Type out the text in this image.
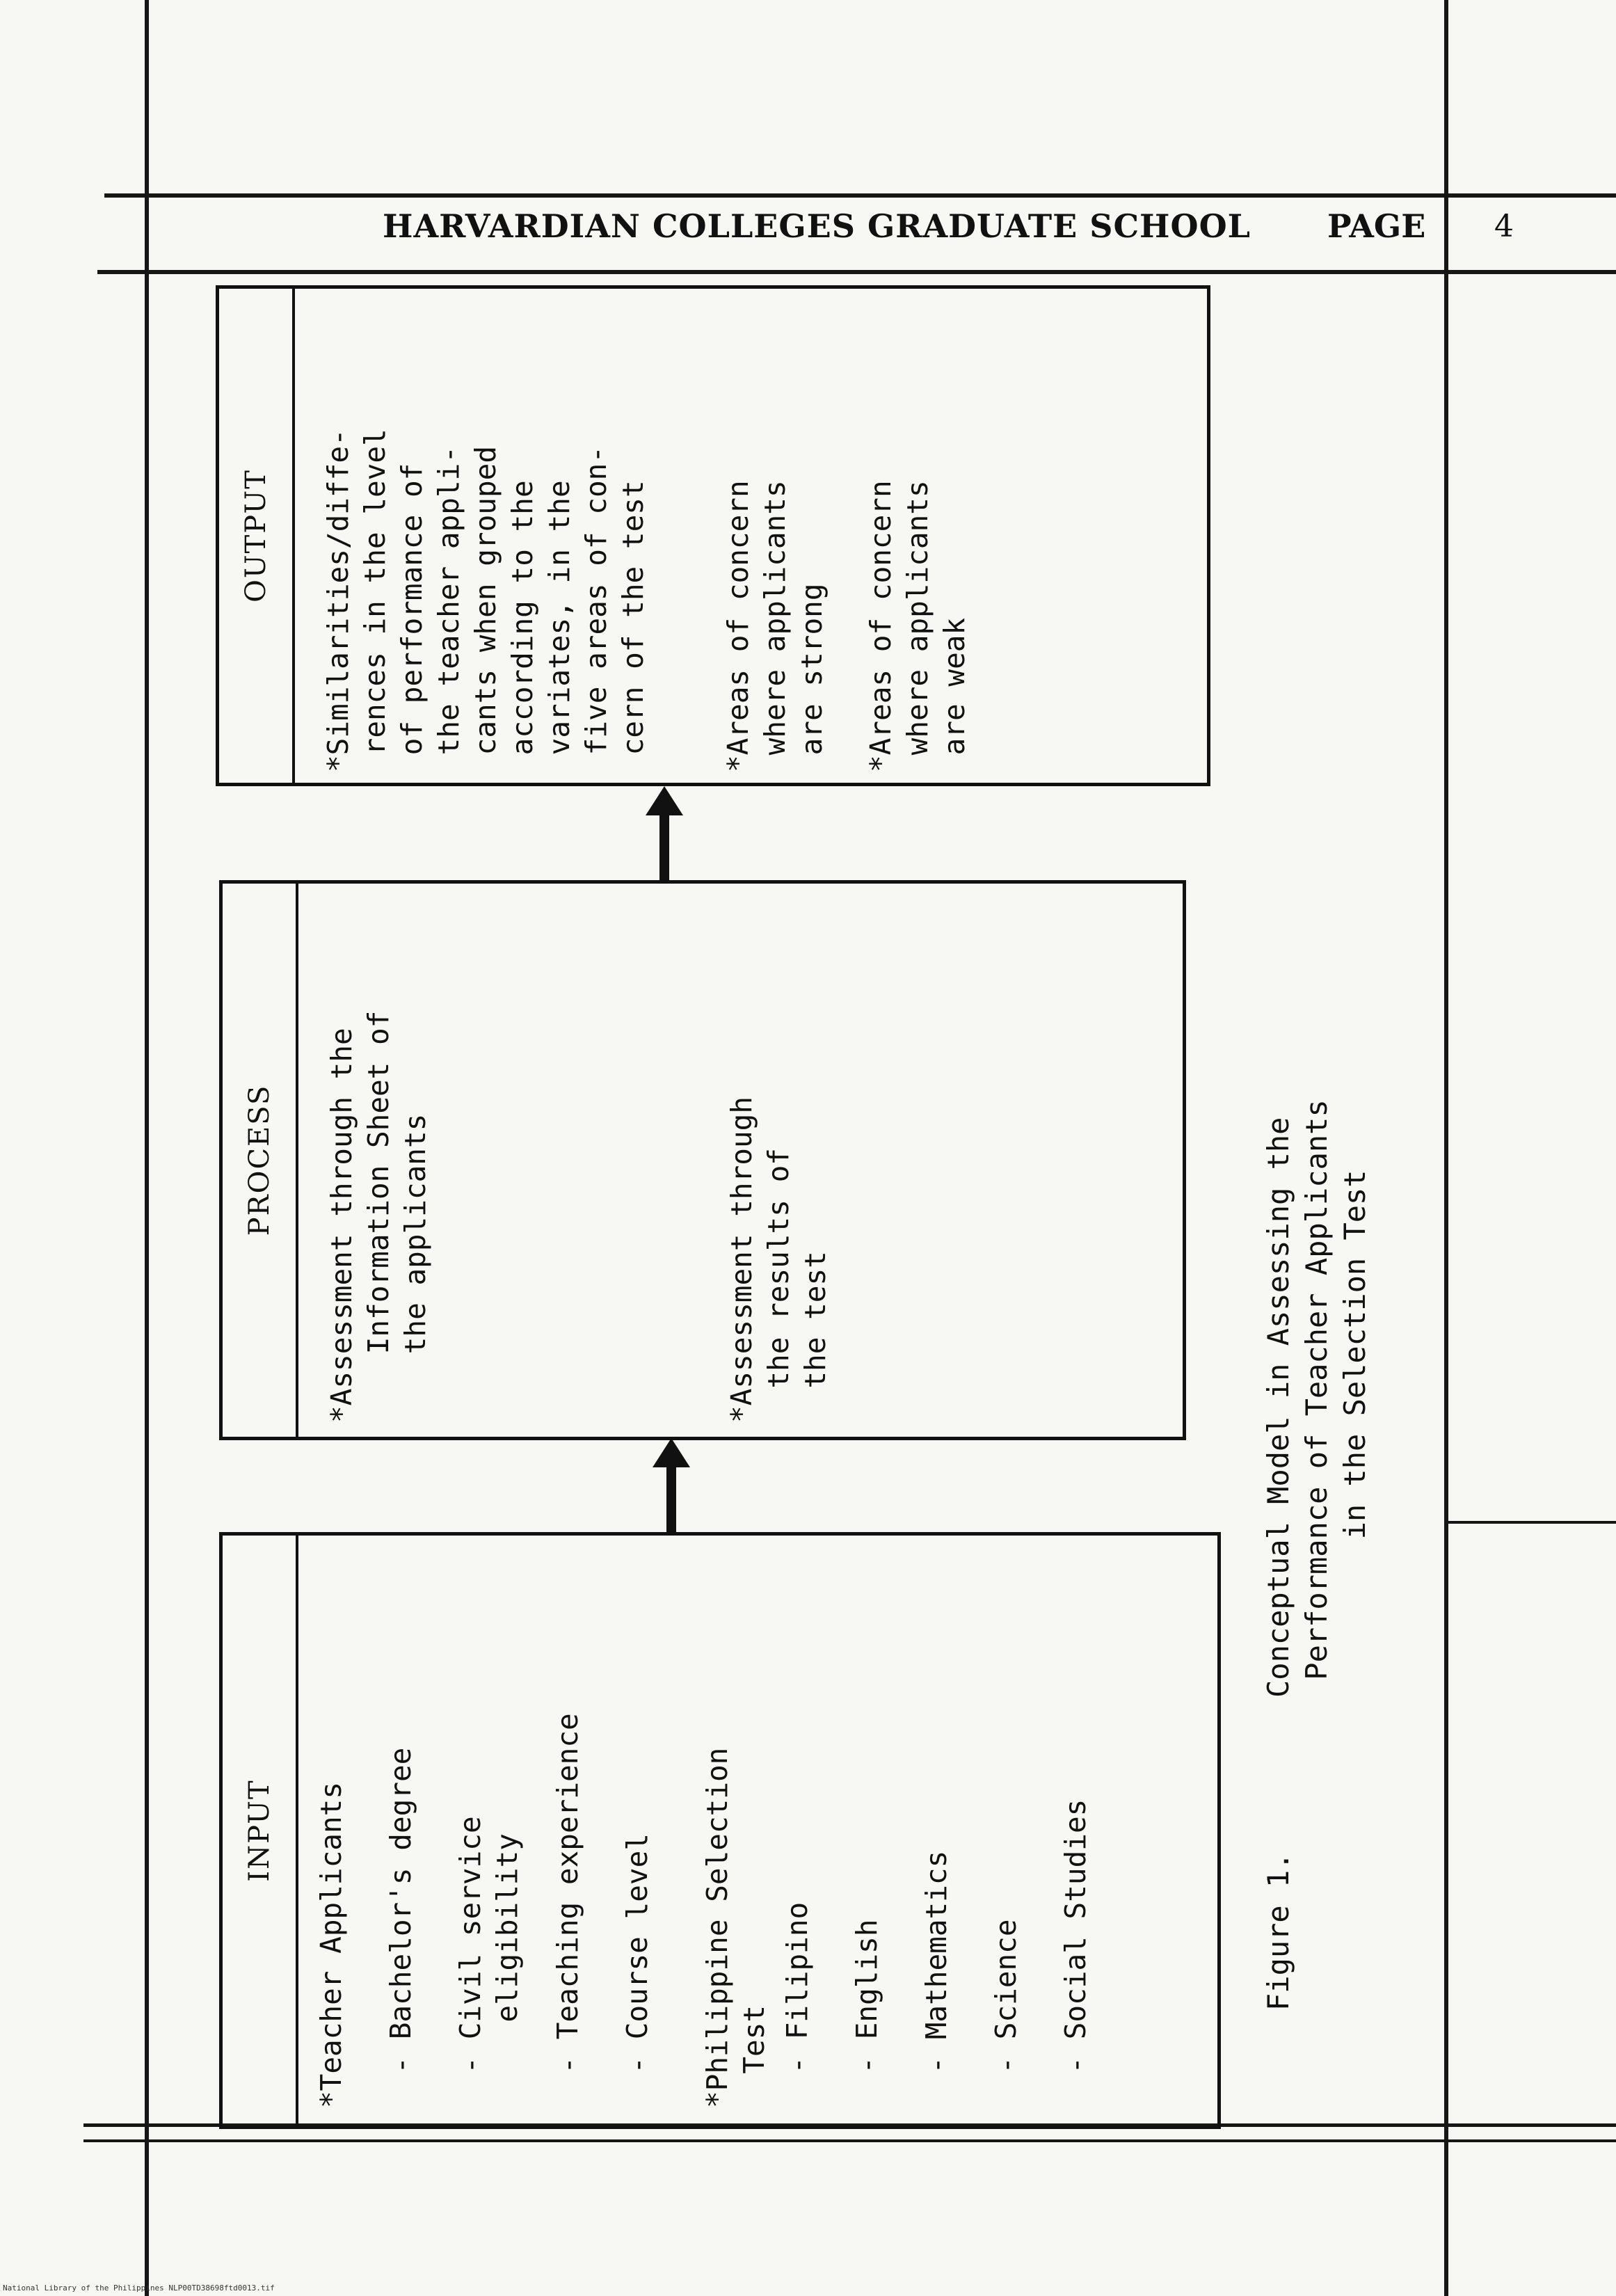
HARVARDIAN COLLEGES GRADUATE SCHOOL PAGE 4
INPUT	*Teacher Applicants - Bachelor's degree - Civil service
eligibility - Teaching experience - Course level *Philippine Selection
Test - Filipino - English - Mathematics - Science - Social Studies
PROCESS
*Assessment through the
Information Sheet of
the applicants
*Assessment through
the results of
the test
OUTPUT	*Similarities/diffe-
rences in the level
of performance of
the teacher appli-
cants when grouped
according to the
variates, in the
five areas of con-
cern of the test
*Areas of concern
where applicants
are strong
*Areas of concern
where applicants
are weak
Figure 1.
Conceptual Model in Assessing the
Performance of Teacher Applicants
in the Selection Test
National Library of the Philippines NLP00TD38698ftd0013.tif
